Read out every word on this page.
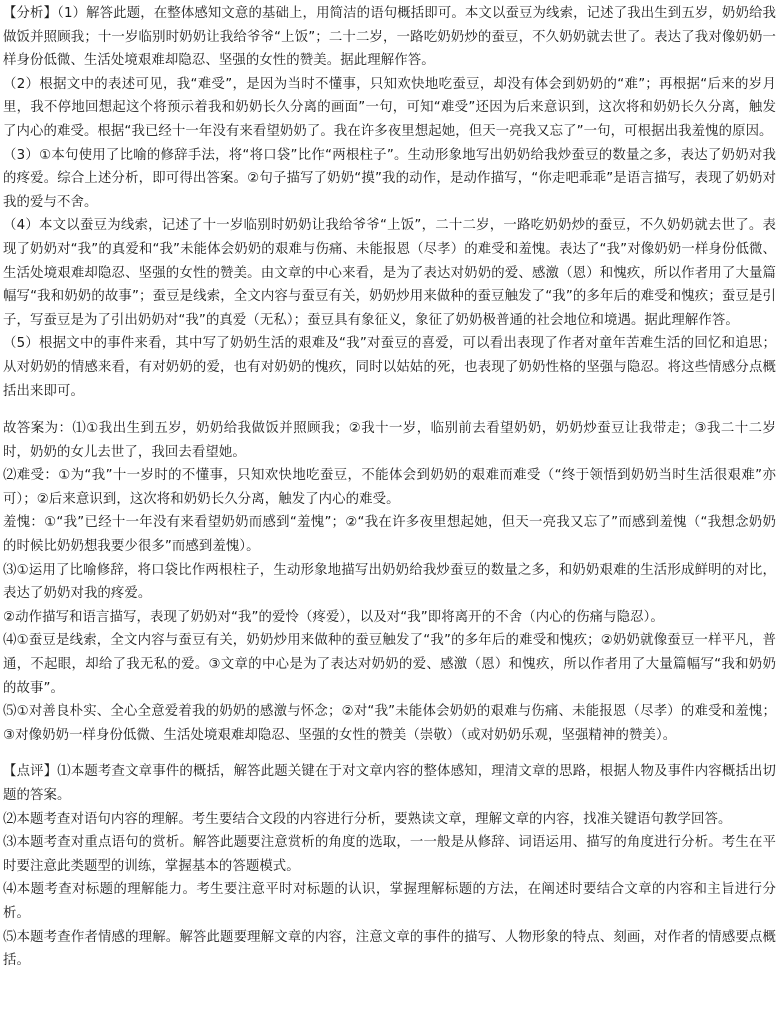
【分析】（1）解答此题，在整体感知文意的基础上，用简洁的语句概括即可。本文以蚕豆为线索，记述了我出生到五岁，奶奶给我做饭并照顾我；十一岁临别时奶奶让我给爷爷“上饭”；二十二岁，一路吃奶奶炒的蚕豆，不久奶奶就去世了。表达了我对像奶奶一样身份低微、生活处境艰难却隐忍、坚强的女性的赞美。据此理解作答。

（2）根据文中的表述可见，我“难受”，是因为当时不懂事，只知欢快地吃蚕豆，却没有体会到奶奶的“难”；再根据“后来的岁月里，我不停地回想起这个将预示着我和奶奶长久分离的画面”一句，可知“难受”还因为后来意识到，这次将和奶奶长久分离，触发了内心的难受。根据“我已经十一年没有来看望奶奶了。我在许多夜里想起她，但天一亮我又忘了”一句，可根据出我羞愧的原因。

（3）①本句使用了比喻的修辞手法，将“将口袋”比作“两根柱子”。生动形象地写出奶奶给我炒蚕豆的数量之多，表达了奶奶对我的疼爱。综合上述分析，即可得出答案。②句子描写了奶奶“摸”我的动作，是动作描写，“你走吧乖乖”是语言描写，表现了奶奶对我的爱与不舍。

（4）本文以蚕豆为线索，记述了十一岁临别时奶奶让我给爷爷“上饭”，二十二岁，一路吃奶奶炒的蚕豆，不久奶奶就去世了。表现了奶奶对“我”的真爱和“我”未能体会奶奶的艰难与伤痛、未能报恩（尽孝）的难受和羞愧。表达了“我”对像奶奶一样身份低微、生活处境艰难却隐忍、坚强的女性的赞美。由文章的中心来看，是为了表达对奶奶的爱、感激（恩）和愧疚，所以作者用了大量篇幅写“我和奶奶的故事”；蚕豆是线索，全文内容与蚕豆有关，奶奶炒用来做种的蚕豆触发了“我”的多年后的难受和愧疚；蚕豆是引子，写蚕豆是为了引出奶奶对“我”的真爱（无私）；蚕豆具有象征义，象征了奶奶极普通的社会地位和境遇。据此理解作答。

（5）根据文中的事件来看，其中写了奶奶生活的艰难及“我”对蚕豆的喜爱，可以看出表现了作者对童年苦难生活的回忆和追思；从对奶奶的情感来看，有对奶奶的爱，也有对奶奶的愧疚，同时以姑姑的死，也表现了奶奶性格的坚强与隐忍。将这些情感分点概括出来即可。

故答案为：⑴①我出生到五岁，奶奶给我做饭并照顾我；②我十一岁，临别前去看望奶奶，奶奶炒蚕豆让我带走；③我二十二岁时，奶奶的女儿去世了，我回去看望她。

⑵难受：①为“我”十一岁时的不懂事，只知欢快地吃蚕豆，不能体会到奶奶的艰难而难受（“终于领悟到奶奶当时生活很艰难”亦可）；②后来意识到，这次将和奶奶长久分离，触发了内心的难受。

羞愧：①“我”已经十一年没有来看望奶奶而感到“羞愧”；②“我在许多夜里想起她，但天一亮我又忘了”而感到羞愧（“我想念奶奶的时候比奶奶想我要少很多”而感到羞愧）。

⑶①运用了比喻修辞，将口袋比作两根柱子，生动形象地描写出奶奶给我炒蚕豆的数量之多，和奶奶艰难的生活形成鲜明的对比，表达了奶奶对我的疼爱。

②动作描写和语言描写，表现了奶奶对“我”的爱怜（疼爱），以及对“我”即将离开的不舍（内心的伤痛与隐忍）。

⑷①蚕豆是线索，全文内容与蚕豆有关，奶奶炒用来做种的蚕豆触发了“我”的多年后的难受和愧疚；②奶奶就像蚕豆一样平凡，普通，不起眼，却给了我无私的爱。③文章的中心是为了表达对奶奶的爱、感激（恩）和愧疚，所以作者用了大量篇幅写“我和奶奶的故事”。

⑸①对善良朴实、全心全意爱着我的奶奶的感激与怀念；②对“我”未能体会奶奶的艰难与伤痛、未能报恩（尽孝）的难受和羞愧；③对像奶奶一样身份低微、生活处境艰难却隐忍、坚强的女性的赞美（崇敬）（或对奶奶乐观，坚强精神的赞美）。

【点评】⑴本题考查文章事件的概括，解答此题关键在于对文章内容的整体感知，理清文章的思路，根据人物及事件内容概括出切题的答案。

⑵本题考查对语句内容的理解。考生要结合文段的内容进行分析，要熟读文章，理解文章的内容，找准关键语句教学回答。

⑶本题考查对重点语句的赏析。解答此题要注意赏析的角度的选取，一一般是从修辞、词语运用、描写的角度进行分析。考生在平时要注意此类题型的训练，掌握基本的答题模式。

⑷本题考查对标题的理解能力。考生要注意平时对标题的认识，掌握理解标题的方法，在阐述时要结合文章的内容和主旨进行分析。

⑸本题考查作者情感的理解。解答此题要理解文章的内容，注意文章的事件的描写、人物形象的特点、刻画，对作者的情感要点概括。
